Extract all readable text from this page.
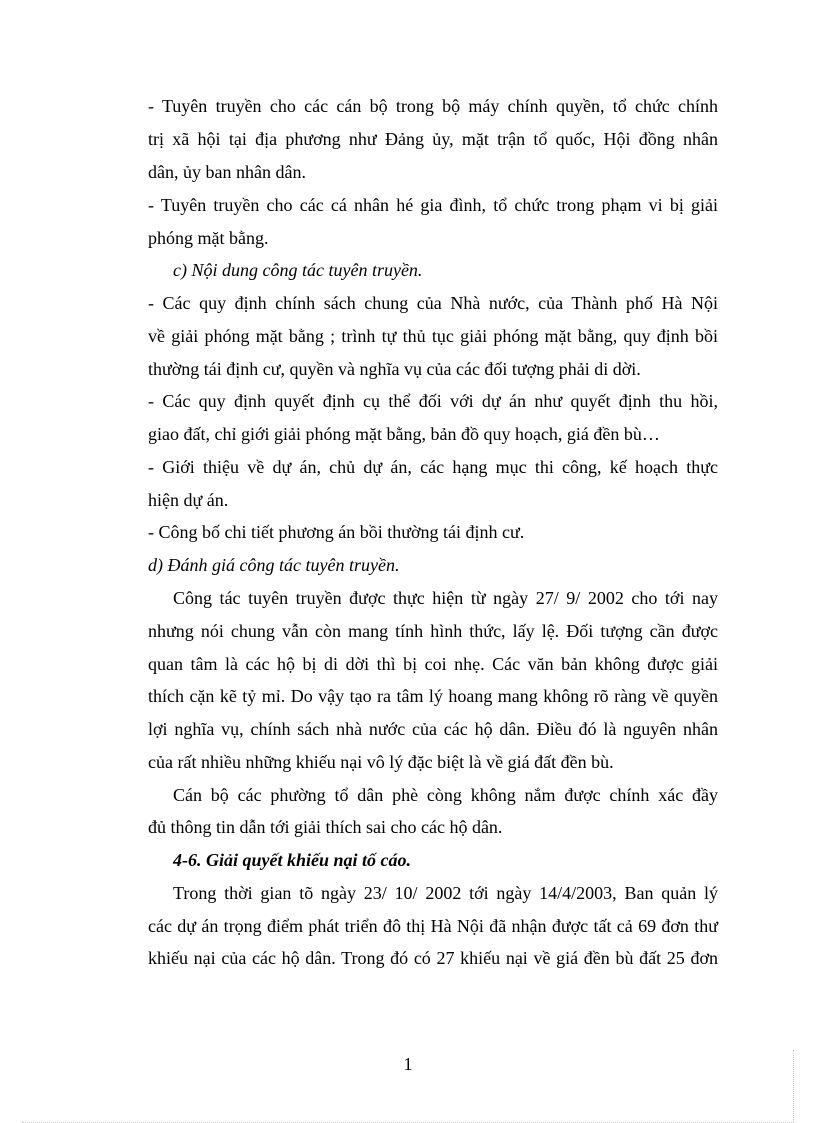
- Tuyên truyền cho các cán bộ trong bộ máy chính quyền, tổ chức chính
trị xã hội tại địa phương như Đảng ủy, mặt trận tổ quốc, Hội đồng nhân
dân, ủy ban nhân dân.
- Tuyên truyền cho các cá nhân hé gia đình, tổ chức trong phạm vi bị giải
phóng mặt bằng.
c) Nội dung công tác tuyên truyền.
- Các quy định chính sách chung của Nhà nước, của Thành phố Hà Nội
về giải phóng mặt bằng ; trình tự thủ tục giải phóng mặt bằng, quy định bồi
thường tái định cư, quyền và nghĩa vụ của các đối tượng phải di dời.
- Các quy định quyết định cụ thể đối với dự án như quyết định thu hồi,
giao đất, chỉ giới giải phóng mặt bằng, bản đồ quy hoạch, giá đền bù…
- Giới thiệu về dự án, chủ dự án, các hạng mục thi công, kế hoạch thực
hiện dự án.
- Công bố chi tiết phương án bồi thường tái định cư.
d) Đánh giá công tác tuyên truyền.
Công tác tuyên truyền được thực hiện từ ngày 27/ 9/ 2002 cho tới nay
nhưng nói chung vẫn còn mang tính hình thức, lấy lệ. Đối tượng cần được
quan tâm là các hộ bị di dời thì bị coi nhẹ. Các văn bản không được giải
thích cặn kẽ tỷ mỉ. Do vậy tạo ra tâm lý hoang mang không rõ ràng về quyền
lợi nghĩa vụ, chính sách nhà nước của các hộ dân. Điều đó là nguyên nhân
của rất nhiều những khiếu nại vô lý đặc biệt là về giá đất đền bù.
Cán bộ các phường tổ dân phè còng không nắm được chính xác đầy
đủ thông tin dẫn tới giải thích sai cho các hộ dân.
4-6. Giải quyết khiếu nại tố cáo.
Trong thời gian tõ ngày 23/ 10/ 2002 tới ngày 14/4/2003, Ban quản lý
các dự án trọng điểm phát triển đô thị Hà Nội đã nhận được tất cả 69 đơn thư
khiếu nại của các hộ dân. Trong đó có 27 khiếu nại về giá đền bù đất 25 đơn
1
